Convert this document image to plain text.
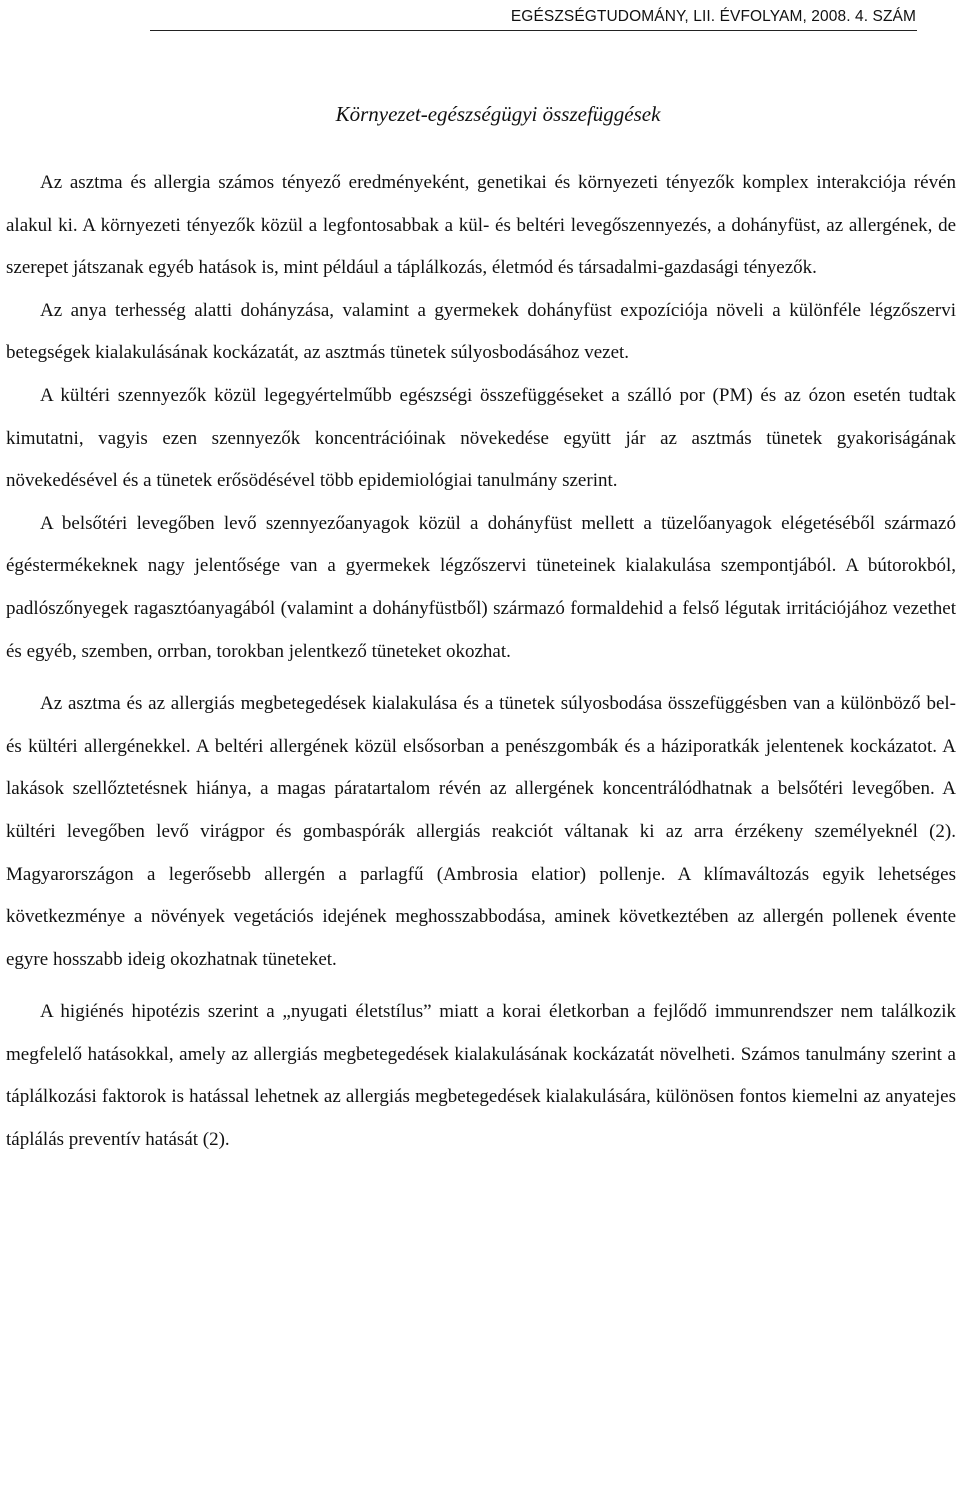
EGÉSZSÉGTUDOMÁNY, LII. ÉVFOLYAM, 2008. 4. SZÁM
Környezet-egészségügyi összefüggések

Az asztma és allergia számos tényező eredményeként, genetikai és környezeti tényezők komplex interakciója révén alakul ki. A környezeti tényezők közül a legfontosabbak a kül- és beltéri levegőszennyezés, a dohányfüst, az allergének, de szerepet játszanak egyéb hatások is, mint például a táplálkozás, életmód és társadalmi-gazdasági tényezők.

Az anya terhesség alatti dohányzása, valamint a gyermekek dohányfüst expozíciója növeli a különféle légzőszervi betegségek kialakulásának kockázatát, az asztmás tünetek súlyosbodásához vezet.

A kültéri szennyezők közül legegyértelműbb egészségi összefüggéseket a szálló por (PM) és az ózon esetén tudtak kimutatni, vagyis ezen szennyezők koncentrációinak növekedése együtt jár az asztmás tünetek gyakoriságának növekedésével és a tünetek erősödésével több epidemiológiai tanulmány szerint.

A belsőtéri levegőben levő szennyezőanyagok közül a dohányfüst mellett a tüzelőanyagok elégetéséből származó égéstermékeknek nagy jelentősége van a gyermekek légzőszervi tüneteinek kialakulása szempontjából. A bútorokból, padlószőnyegek ragasztóanyagából (valamint a dohányfüstből) származó formaldehid a felső légutak irritációjához vezethet és egyéb, szemben, orrban, torokban jelentkező tüneteket okozhat.

Az asztma és az allergiás megbetegedések kialakulása és a tünetek súlyosbodása összefüggésben van a különböző bel- és kültéri allergénekkel. A beltéri allergének közül elsősorban a penészgombák és a háziporatkák jelentenek kockázatot. A lakások szellőztetésnek hiánya, a magas páratartalom révén az allergének koncentrálódhatnak a belsőtéri levegőben. A kültéri levegőben levő virágpor és gombaspórák allergiás reakciót váltanak ki az arra érzékeny személyeknél (2). Magyarországon a legerősebb allergén a parlagfű (Ambrosia elatior) pollenje. A klímaváltozás egyik lehetséges következménye a növények vegetációs idejének meghosszabbodása, aminek következtében az allergén pollenek évente egyre hosszabb ideig okozhatnak tüneteket.

A higiénés hipotézis szerint a „nyugati életstílus” miatt a korai életkorban a fejlődő immunrendszer nem találkozik megfelelő hatásokkal, amely az allergiás megbetegedések kialakulásának kockázatát növelheti. Számos tanulmány szerint a táplálkozási faktorok is hatással lehetnek az allergiás megbetegedések kialakulására, különösen fontos kiemelni az anyatejes táplálás preventív hatását (2).
